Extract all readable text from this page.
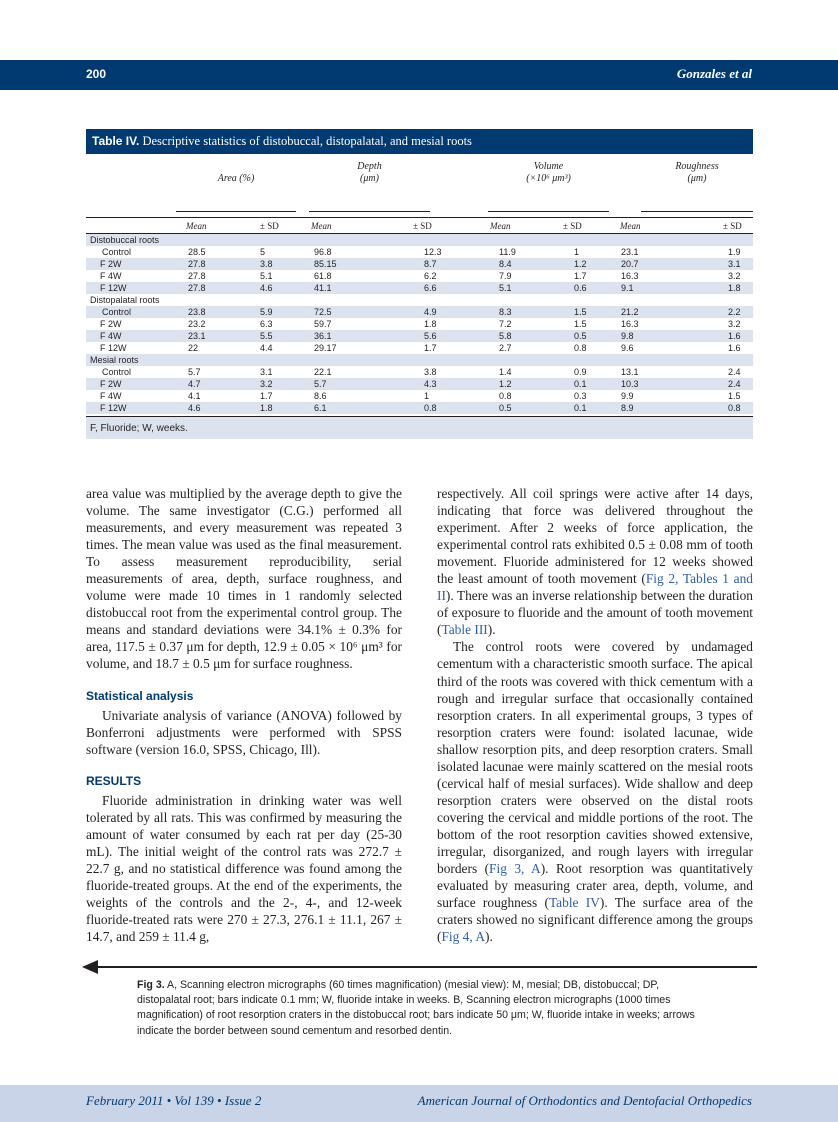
200	Gonzales et al
Table IV. Descriptive statistics of distobuccal, distopalatal, and mesial roots
Area (%)
Depth
(μm)
Volume
(×10⁶ μm³)
Roughness
(μm)
Mean	± SD	Mean	± SD	Mean	± SD	Mean	± SD
Distobuccal roots
Control	28.5	5	96.8	12.3	11.9	1	23.1	1.9
F 2W	27.8	3.8	85.15	8.7	8.4	1.2	20.7	3.1
F 4W	27.8	5.1	61.8	6.2	7.9	1.7	16.3	3.2
F 12W	27.8	4.6	41.1	6.6	5.1	0.6	9.1	1.8
Distopalatal roots
Control	23.8	5.9	72.5	4.9	8.3	1.5	21.2	2.2
F 2W	23.2	6.3	59.7	1.8	7.2	1.5	16.3	3.2
F 4W	23.1	5.5	36.1	5.6	5.8	0.5	9.8	1.6
F 12W	22	4.4	29.17	1.7	2.7	0.8	9.6	1.6
Mesial roots
Control	5.7	3.1	22.1	3.8	1.4	0.9	13.1	2.4
F 2W	4.7	3.2	5.7	4.3	1.2	0.1	10.3	2.4
F 4W	4.1	1.7	8.6	1	0.8	0.3	9.9	1.5
F 12W	4.6	1.8	6.1	0.8	0.5	0.1	8.9	0.8
F, Fluoride; W, weeks.

area value was multiplied by the average depth to give the volume. The same investigator (C.G.) performed all measurements, and every measurement was repeated 3 times. The mean value was used as the final measurement. To assess measurement reproducibility, serial measurements of area, depth, surface roughness, and volume were made 10 times in 1 randomly selected distobuccal root from the experimental control group. The means and standard deviations were 34.1% ± 0.3% for area, 117.5 ± 0.37 μm for depth, 12.9 ± 0.05 × 10⁶ μm³ for volume, and 18.7 ± 0.5 μm for surface roughness.

Statistical analysis

Univariate analysis of variance (ANOVA) followed by Bonferroni adjustments were performed with SPSS software (version 16.0, SPSS, Chicago, Ill).

RESULTS

Fluoride administration in drinking water was well tolerated by all rats. This was confirmed by measuring the amount of water consumed by each rat per day (25-30 mL). The initial weight of the control rats was 272.7 ± 22.7 g, and no statistical difference was found among the fluoride-treated groups. At the end of the experiments, the weights of the controls and the 2-, 4-, and 12-week fluoride-treated rats were 270 ± 27.3, 276.1 ± 11.1, 267 ± 14.7, and 259 ± 11.4 g,

respectively. All coil springs were active after 14 days, indicating that force was delivered throughout the experiment. After 2 weeks of force application, the experimental control rats exhibited 0.5 ± 0.08 mm of tooth movement. Fluoride administered for 12 weeks showed the least amount of tooth movement (Fig 2, Tables 1 and II). There was an inverse relationship between the duration of exposure to fluoride and the amount of tooth movement (Table III).

The control roots were covered by undamaged cementum with a characteristic smooth surface. The apical third of the roots was covered with thick cementum with a rough and irregular surface that occasionally contained resorption craters. In all experimental groups, 3 types of resorption craters were found: isolated lacunae, wide shallow resorption pits, and deep resorption craters. Small isolated lacunae were mainly scattered on the mesial roots (cervical half of mesial surfaces). Wide shallow and deep resorption craters were observed on the distal roots covering the cervical and middle portions of the root. The bottom of the root resorption cavities showed extensive, irregular, disorganized, and rough layers with irregular borders (Fig 3, A). Root resorption was quantitatively evaluated by measuring crater area, depth, volume, and surface roughness (Table IV). The surface area of the craters showed no significant difference among the groups (Fig 4, A).

Fig 3. A, Scanning electron micrographs (60 times magnification) (mesial view): M, mesial; DB, distobuccal; DP, distopalatal root; bars indicate 0.1 mm; W, fluoride intake in weeks. B, Scanning electron micrographs (1000 times magnification) of root resorption craters in the distobuccal root; bars indicate 50 μm; W, fluoride intake in weeks; arrows indicate the border between sound cementum and resorbed dentin.
February 2011 • Vol 139 • Issue 2	American Journal of Orthodontics and Dentofacial Orthopedics
